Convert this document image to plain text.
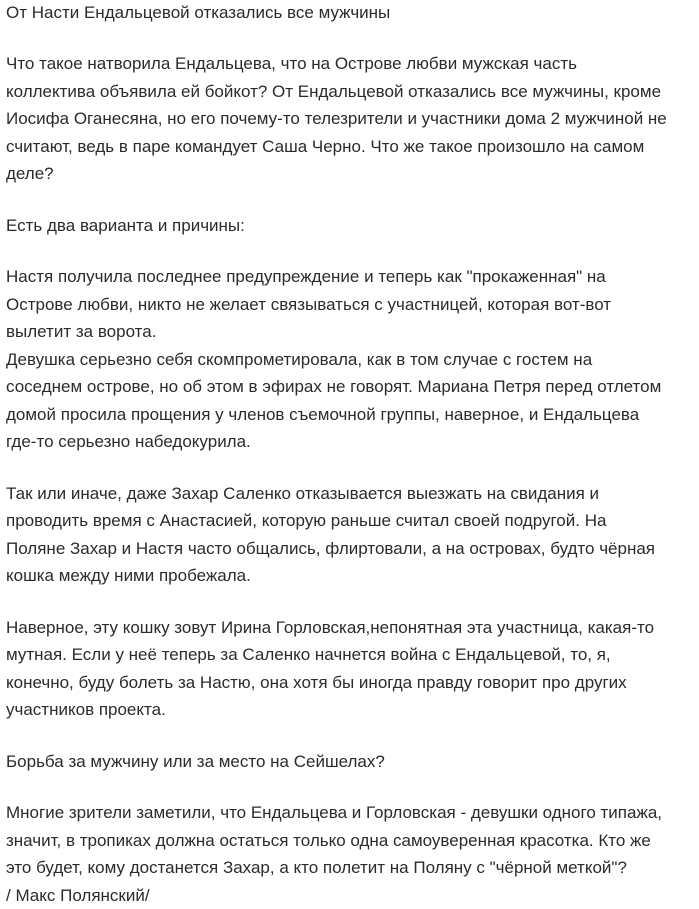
От Насти Ендальцевой отказались все мужчины

Что такое натворила Ендальцева, что на Острове любви мужская часть
коллектива объявила ей бойкот? От Ендальцевой отказались все мужчины, кроме
Иосифа Оганесяна, но его почему-то телезрители и участники дома 2 мужчиной не
считают, ведь в паре командует Саша Черно. Что же такое произошло на самом
деле?

Есть два варианта и причины:

Настя получила последнее предупреждение и теперь как "прокаженная" на
Острове любви, никто не желает связываться с участницей, которая вот-вот
вылетит за ворота.
Девушка серьезно себя скомпрометировала, как в том случае с гостем на
соседнем острове, но об этом в эфирах не говорят. Мариана Петря перед отлетом
домой просила прощения у членов съемочной группы, наверное, и Ендальцева
где-то серьезно набедокурила.

Так или иначе, даже Захар Саленко отказывается выезжать на свидания и
проводить время с Анастасией, которую раньше считал своей подругой. На
Поляне Захар и Настя часто общались, флиртовали, а на островах, будто чёрная
кошка между ними пробежала.

Наверное, эту кошку зовут Ирина Горловская,непонятная эта участница, какая-то
мутная. Если у неё теперь за Саленко начнется война с Ендальцевой, то, я,
конечно, буду болеть за Настю, она хотя бы иногда правду говорит про других
участников проекта.

Борьба за мужчину или за место на Сейшелах?

Многие зрители заметили, что Ендальцева и Горловская - девушки одного типажа,
значит, в тропиках должна остаться только одна самоуверенная красотка. Кто же
это будет, кому достанется Захар, а кто полетит на Поляну с "чёрной меткой"?
/ Макс Полянский/
